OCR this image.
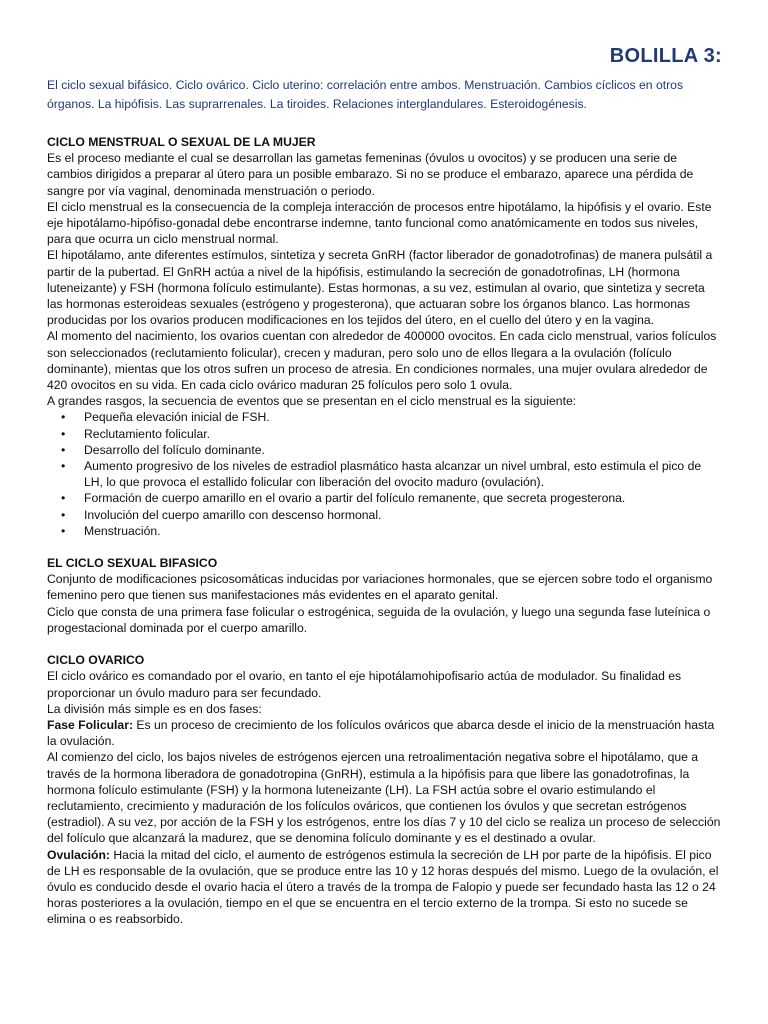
BOLILLA 3:
El ciclo sexual bifásico. Ciclo ovárico. Ciclo uterino: correlación entre ambos. Menstruación. Cambios cíclicos en otros órganos. La hipófisis. Las suprarrenales. La tiroides. Relaciones interglandulares. Esteroidogénesis.

CICLO MENSTRUAL O SEXUAL DE LA MUJER

Es el proceso mediante el cual se desarrollan las gametas femeninas (óvulos u ovocitos) y se producen una serie de cambios dirigidos a preparar al útero para un posible embarazo. Si no se produce el embarazo, aparece una pérdida de sangre por vía vaginal, denominada menstruación o periodo.

El ciclo menstrual es la consecuencia de la compleja interacción de procesos entre hipotálamo, la hipófisis y el ovario. Este eje hipotálamo-hipófiso-gonadal debe encontrarse indemne, tanto funcional como anatómicamente en todos sus niveles, para que ocurra un ciclo menstrual normal.

El hipotálamo, ante diferentes estímulos, sintetiza y secreta GnRH (factor liberador de gonadotrofinas) de manera pulsátil a partir de la pubertad. El GnRH actúa a nivel de la hipófisis, estimulando la secreción de gonadotrofinas, LH (hormona luteneizante) y FSH (hormona folículo estimulante). Estas hormonas, a su vez, estimulan al ovario, que sintetiza y secreta las hormonas esteroideas sexuales (estrógeno y progesterona), que actuaran sobre los órganos blanco. Las hormonas producidas por los ovarios producen modificaciones en los tejidos del útero, en el cuello del útero y en la vagina.

Al momento del nacimiento, los ovarios cuentan con alrededor de 400000 ovocitos. En cada ciclo menstrual, varios folículos son seleccionados (reclutamiento folicular), crecen y maduran, pero solo uno de ellos llegara a la ovulación (folículo dominante), mientas que los otros sufren un proceso de atresia. En condiciones normales, una mujer ovulara alrededor de 420 ovocitos en su vida. En cada ciclo ovárico maduran 25 folículos pero solo 1 ovula.

A grandes rasgos, la secuencia de eventos que se presentan en el ciclo menstrual es la siguiente:

• Pequeña elevación inicial de FSH.
• Reclutamiento folicular.
• Desarrollo del folículo dominante.
• Aumento progresivo de los niveles de estradiol plasmático hasta alcanzar un nivel umbral, esto estimula el pico de LH, lo que provoca el estallido folicular con liberación del ovocito maduro (ovulación).
• Formación de cuerpo amarillo en el ovario a partir del folículo remanente, que secreta progesterona.
• Involución del cuerpo amarillo con descenso hormonal.
• Menstruación.

EL CICLO SEXUAL BIFASICO

Conjunto de modificaciones psicosomáticas inducidas por variaciones hormonales, que se ejercen sobre todo el organismo femenino pero que tienen sus manifestaciones más evidentes en el aparato genital.

Ciclo que consta de una primera fase folicular o estrogénica, seguida de la ovulación, y luego una segunda fase luteínica o progestacional dominada por el cuerpo amarillo.

CICLO OVARICO

El ciclo ovárico es comandado por el ovario, en tanto el eje hipotálamohipofisario actúa de modulador. Su finalidad es proporcionar un óvulo maduro para ser fecundado.

La división más simple es en dos fases:

Fase Folicular: Es un proceso de crecimiento de los folículos ováricos que abarca desde el inicio de la menstruación hasta la ovulación.

Al comienzo del ciclo, los bajos niveles de estrógenos ejercen una retroalimentación negativa sobre el hipotálamo, que a través de la hormona liberadora de gonadotropina (GnRH), estimula a la hipófisis para que libere las gonadotrofinas, la hormona folículo estimulante (FSH) y la hormona luteneizante (LH). La FSH actúa sobre el ovario estimulando el reclutamiento, crecimiento y maduración de los folículos ováricos, que contienen los óvulos y que secretan estrógenos (estradiol). A su vez, por acción de la FSH y los estrógenos, entre los días 7 y 10 del ciclo se realiza un proceso de selección del folículo que alcanzará la madurez, que se denomina folículo dominante y es el destinado a ovular.

Ovulación: Hacia la mitad del ciclo, el aumento de estrógenos estimula la secreción de LH por parte de la hipófisis. El pico de LH es responsable de la ovulación, que se produce entre las 10 y 12 horas después del mismo. Luego de la ovulación, el óvulo es conducido desde el ovario hacia el útero a través de la trompa de Falopio y puede ser fecundado hasta las 12 o 24 horas posteriores a la ovulación, tiempo en el que se encuentra en el tercio externo de la trompa. Si esto no sucede se elimina o es reabsorbido.
